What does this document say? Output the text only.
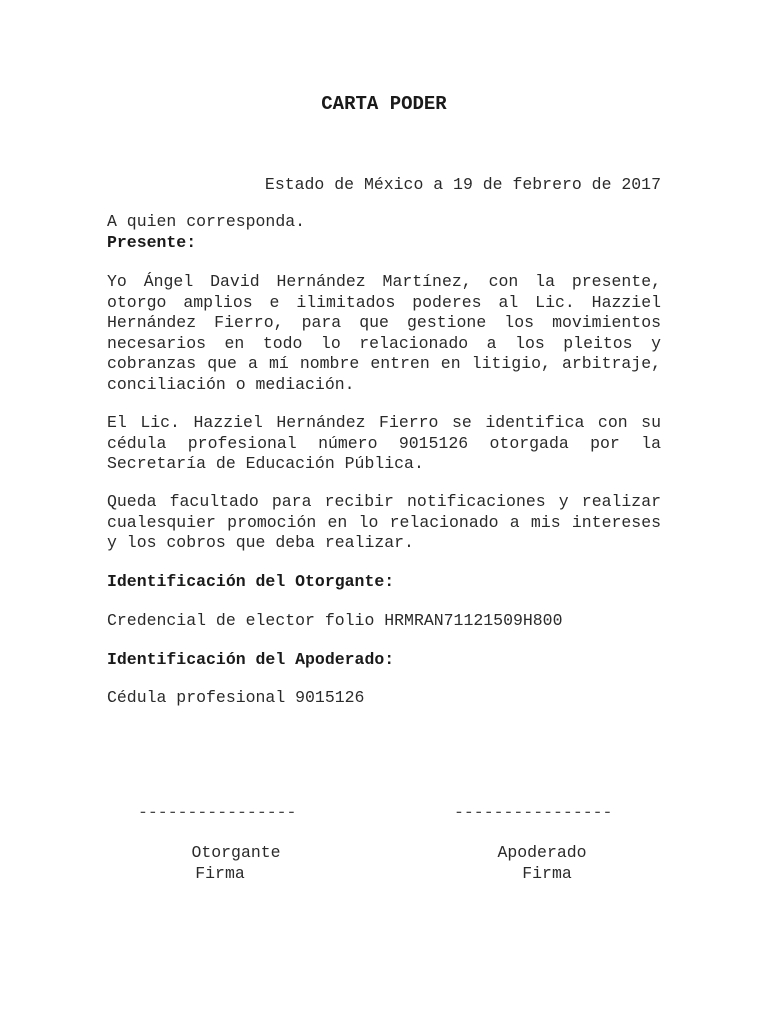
CARTA PODER
Estado de México a 19 de febrero de 2017
A quien corresponda.
Presente:
Yo Ángel David Hernández Martínez, con la presente, otorgo amplios e ilimitados poderes al Lic. Hazziel Hernández Fierro, para que gestione los movimientos necesarios en todo lo relacionado a los pleitos y cobranzas que a mí nombre entren en litigio, arbitraje, conciliación o mediación.
El Lic. Hazziel Hernández Fierro se identifica con su cédula profesional número 9015126 otorgada por la Secretaría de Educación Pública.
Queda facultado para recibir notificaciones y realizar cualesquier promoción en lo relacionado a mis intereses y los cobros que deba realizar.
Identificación del Otorgante:
Credencial de elector folio HRMRAN71121509H800
Identificación del Apoderado:
Cédula profesional 9015126
----------------	----------------
Otorgante
Firma
Apoderado
Firma
